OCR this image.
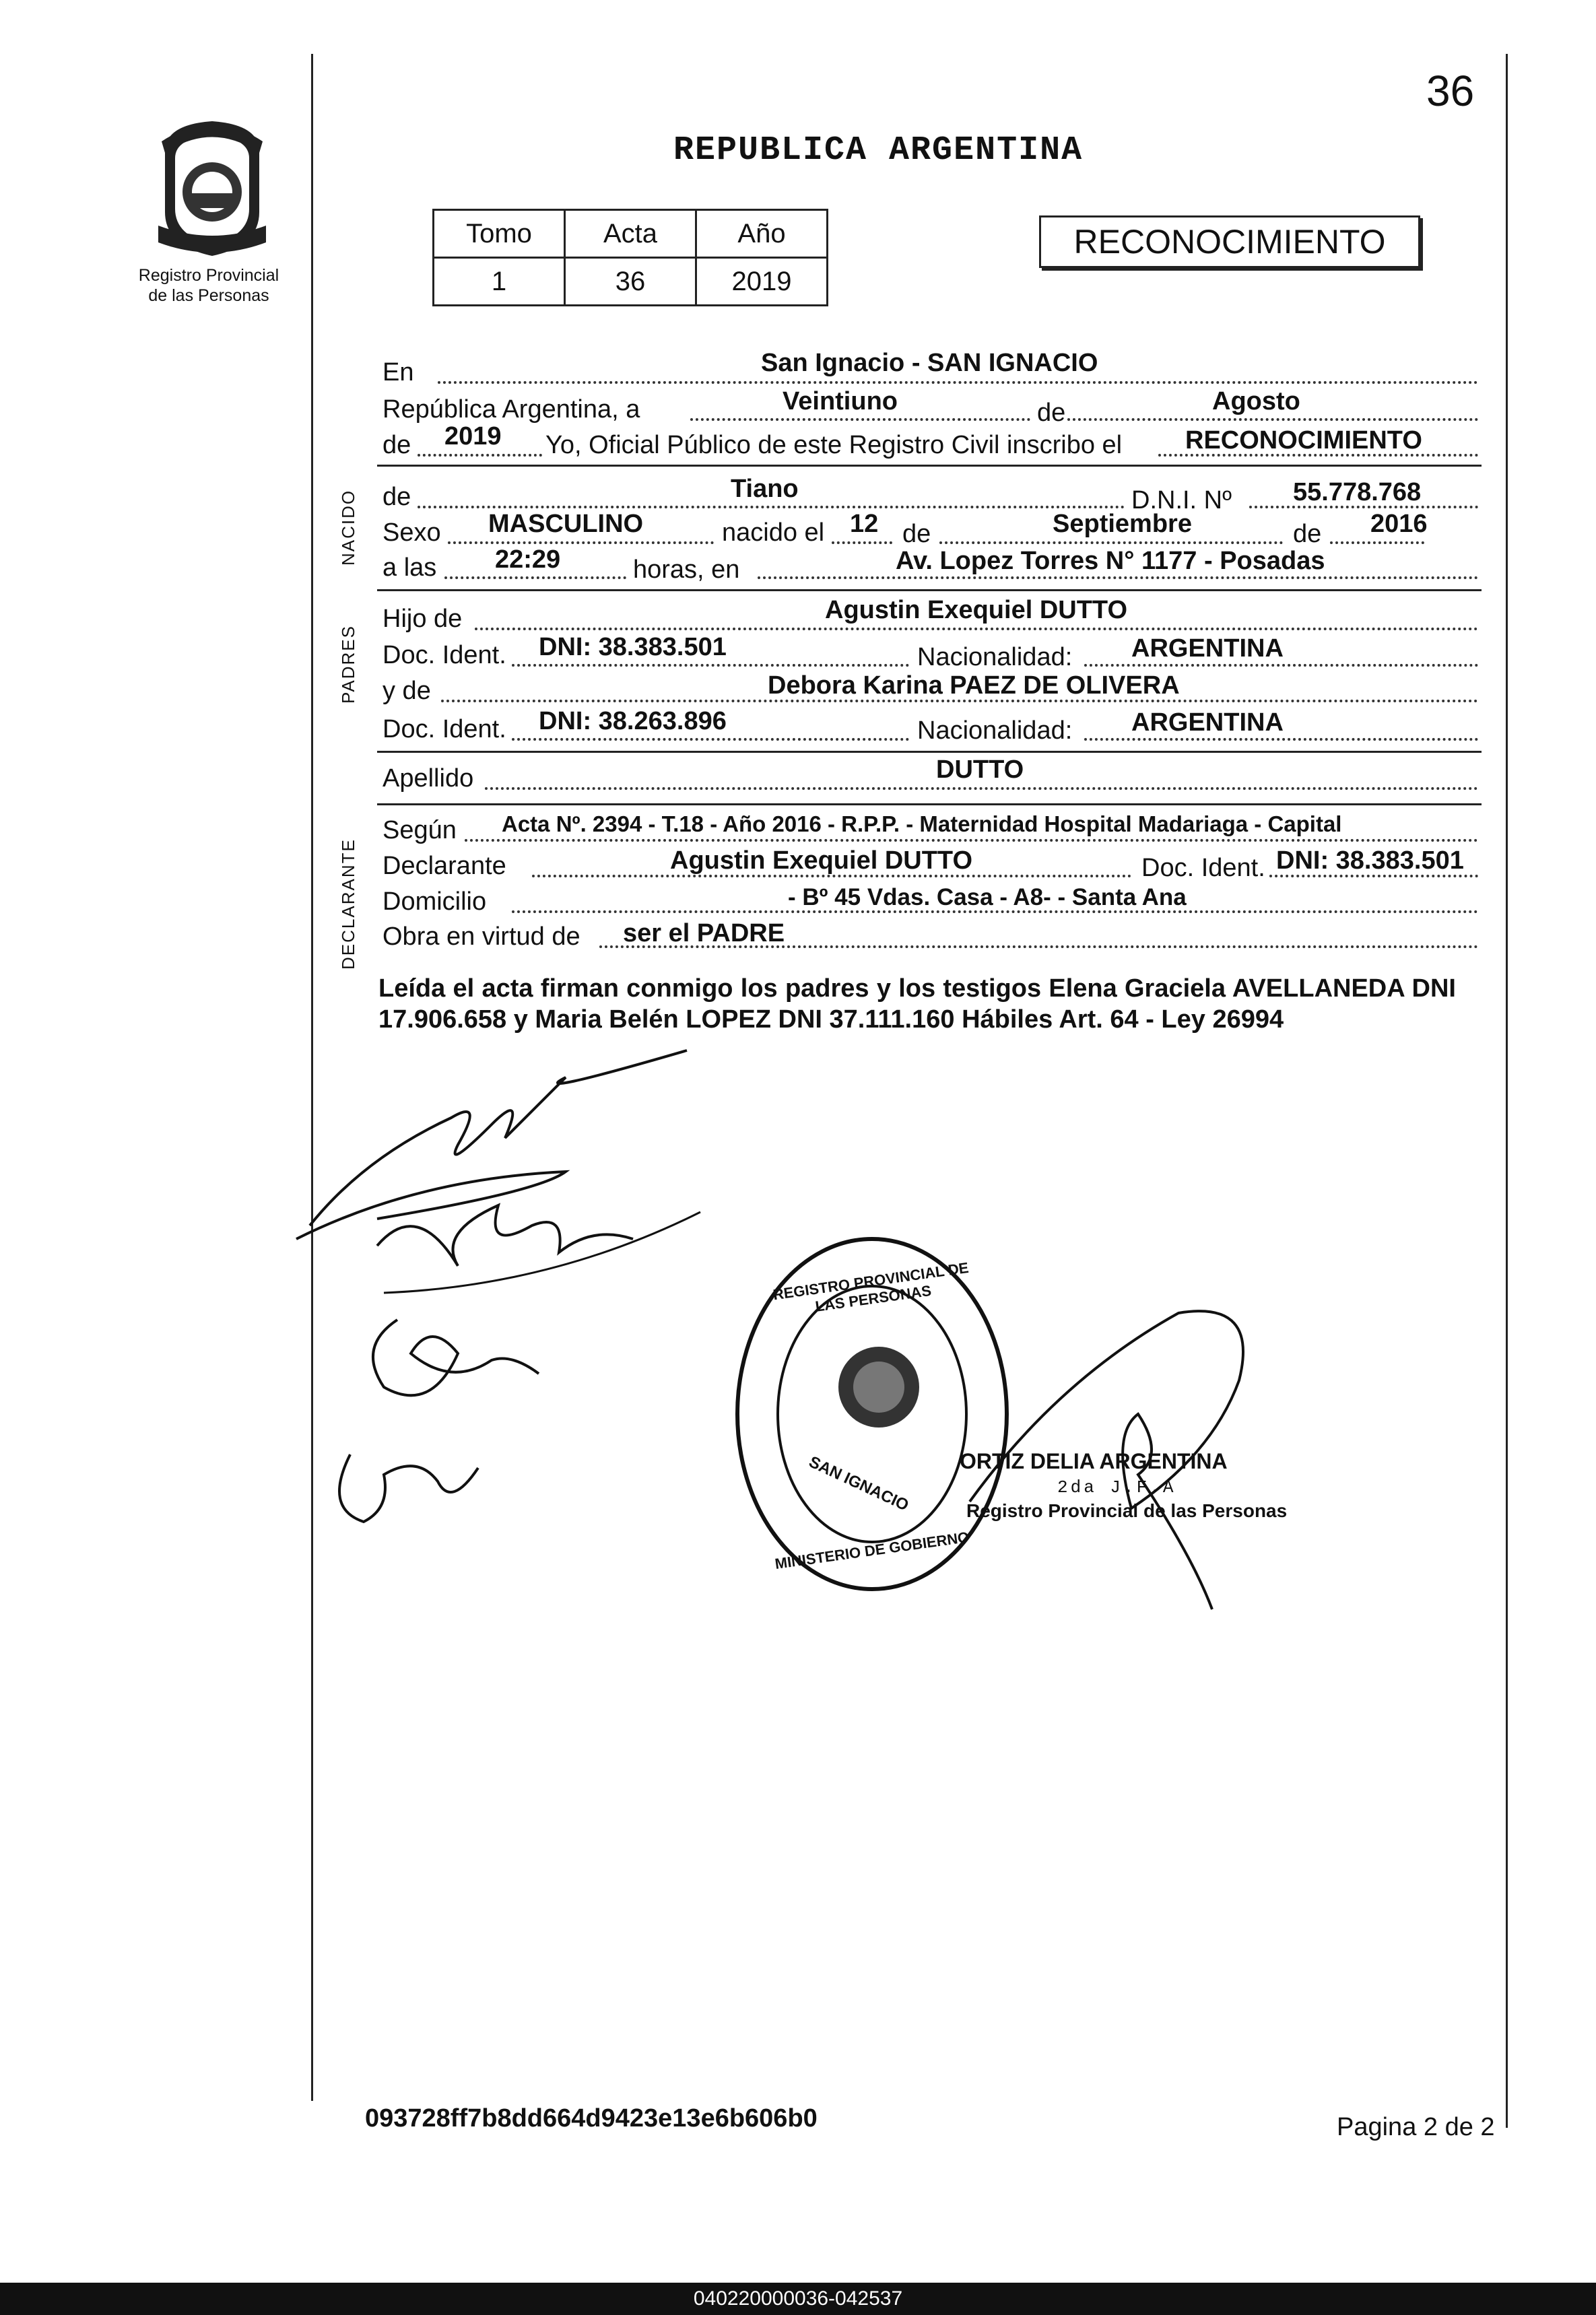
36
Registro Provincial
de las Personas
REPUBLICA ARGENTINA
Tomo	Acta	Año
1	36	2019
RECONOCIMIENTO
NACIDO
PADRES
DECLARANTE
En	San Ignacio - SAN IGNACIO
República Argentina, a	Veintiuno	de	Agosto
de 2019 Yo, Oficial Público de este Registro Civil inscribo el RECONOCIMIENTO
de	Tiano	D.N.I. Nº 55.778.768
Sexo MASCULINO	nacido el 12 de	Septiembre	de 2016
a las 22:29	horas, en	Av. Lopez Torres N° 1177 - Posadas
Hijo de	Agustin Exequiel DUTTO
Doc. Ident. DNI: 38.383.501	Nacionalidad: ARGENTINA
y de	Debora Karina PAEZ DE OLIVERA
Doc. Ident. DNI: 38.263.896	Nacionalidad: ARGENTINA
Apellido	DUTTO
Según Acta Nº. 2394 - T.18 - Año 2016 - R.P.P. - Maternidad Hospital Madariaga - Capital
Declarante	Agustin Exequiel DUTTO	Doc. Ident. DNI: 38.383.501
Domicilio	- Bº 45 Vdas. Casa - A8- - Santa Ana
Obra en virtud de ser el PADRE
Leída el acta firman conmigo los padres y los testigos Elena Graciela AVELLANEDA DNI 17.906.658 y Maria Belén LOPEZ DNI 37.111.160 Hábiles Art. 64 - Ley 26994
REGISTRO PROVINCIAL DE LAS PERSONAS
SAN IGNACIO
MINISTERIO DE GOBIERNO
ORTIZ DELIA ARGENTINA
2da J.F.A
Registro Provincial de las Personas
093728ff7b8dd664d9423e13e6b606b0	Pagina 2 de 2
040220000036-042537
